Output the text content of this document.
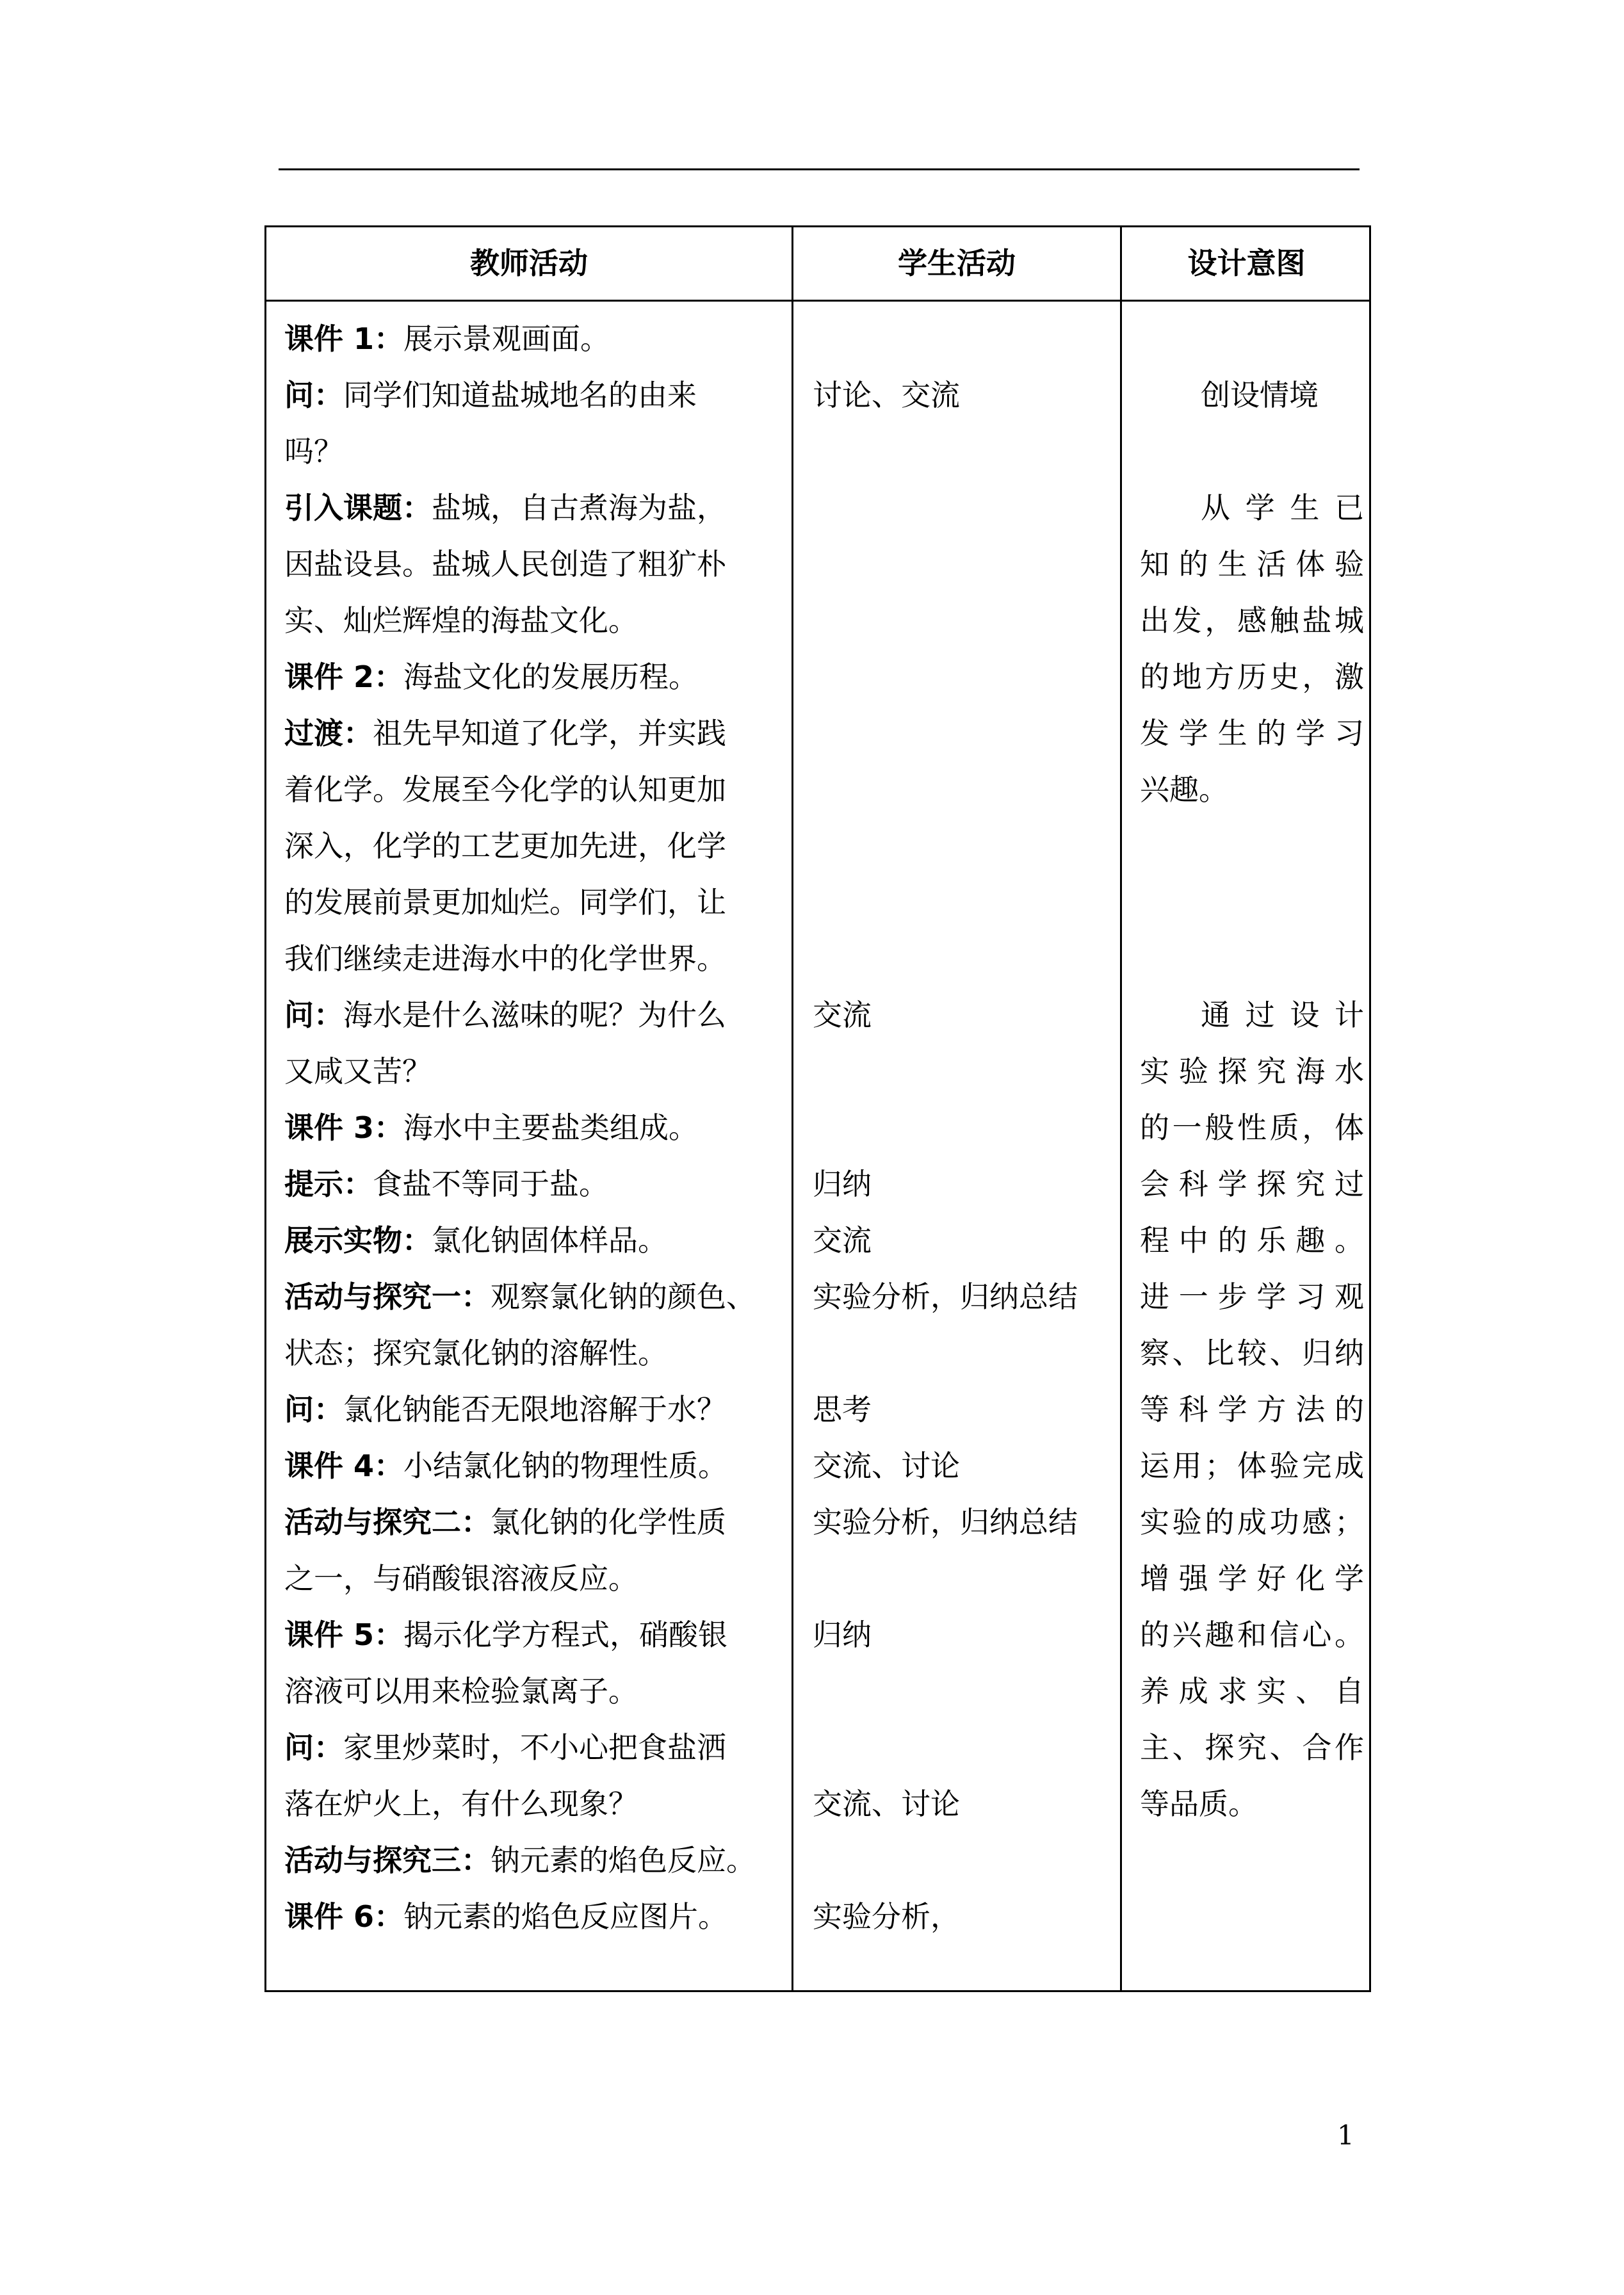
教师活动	学生活动	设计意图
课件 1：展示景观画面。
问：同学们知道盐城地名的由来
吗？
引入课题：盐城，自古煮海为盐，
因盐设县。盐城人民创造了粗犷朴
实、灿烂辉煌的海盐文化。
课件 2：海盐文化的发展历程。
过渡：祖先早知道了化学，并实践
着化学。发展至今化学的认知更加
深入，化学的工艺更加先进，化学
的发展前景更加灿烂。同学们，让
我们继续走进海水中的化学世界。
问：海水是什么滋味的呢？为什么
又咸又苦？
课件 3：海水中主要盐类组成。
提示：食盐不等同于盐。
展示实物：氯化钠固体样品。
活动与探究一：观察氯化钠的颜色、
状态；探究氯化钠的溶解性。
问：氯化钠能否无限地溶解于水？
课件 4：小结氯化钠的物理性质。
活动与探究二：氯化钠的化学性质
之一，与硝酸银溶液反应。
课件 5：揭示化学方程式，硝酸银
溶液可以用来检验氯离子。
问：家里炒菜时，不小心把食盐洒
落在炉火上，有什么现象？
活动与探究三：钠元素的焰色反应。
课件 6：钠元素的焰色反应图片。
讨论、交流
交流
归纳
交流
实验分析，归纳总结
思考
交流、讨论
实验分析，归纳总结
归纳
交流、讨论
实验分析，
创设情境
从学生已
知的生活体验
出发，感触盐城
的地方历史，激
发学生的学习
兴趣。
通过设计
实验探究海水
的一般性质，体
会科学探究过
程中的乐趣。
进一步学习观
察、比较、归纳
等科学方法的
运用；体验完成
实验的成功感；
增强学好化学
的兴趣和信心。
养成求实、自
主、探究、合作
等品质。
1
